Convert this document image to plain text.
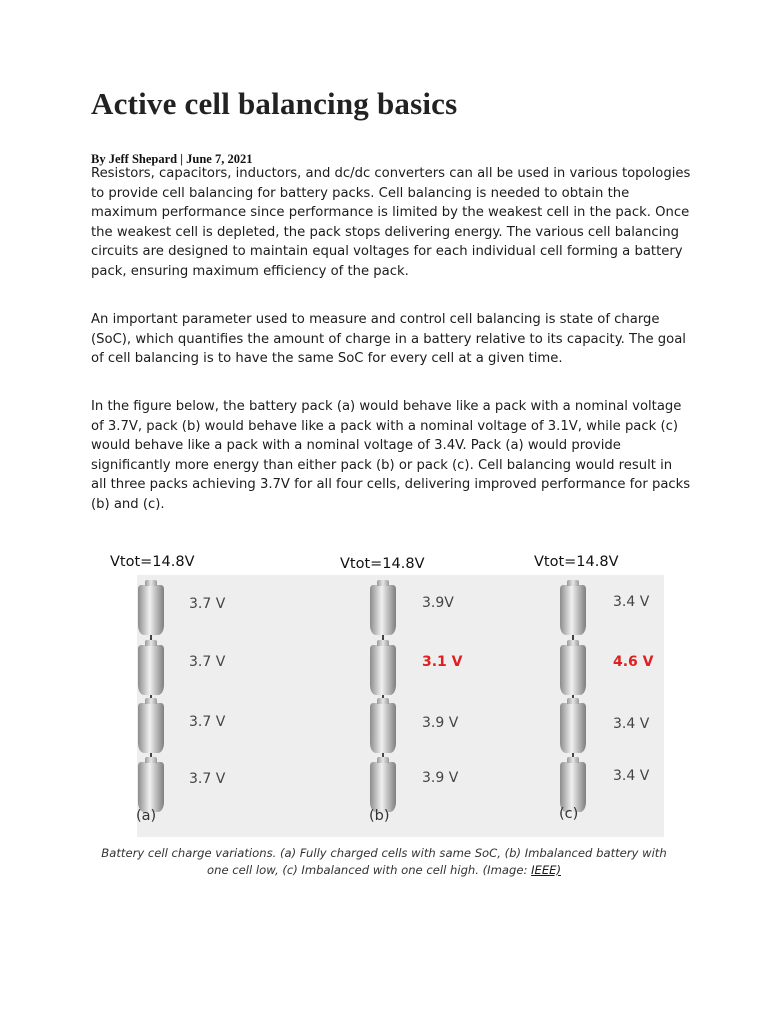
Active cell balancing basics
By Jeff Shepard | June 7, 2021

Resistors, capacitors, inductors, and dc/dc converters can all be used in various topologies to provide cell balancing for battery packs. Cell balancing is needed to obtain the maximum performance since performance is limited by the weakest cell in the pack. Once the weakest cell is depleted, the pack stops delivering energy. The various cell balancing circuits are designed to maintain equal voltages for each individual cell forming a battery pack, ensuring maximum efficiency of the pack.

An important parameter used to measure and control cell balancing is state of charge (SoC), which quantifies the amount of charge in a battery relative to its capacity. The goal of cell balancing is to have the same SoC for every cell at a given time.

In the figure below, the battery pack (a) would behave like a pack with a nominal voltage of 3.7V, pack (b) would behave like a pack with a nominal voltage of 3.1V, while pack (c) would behave like a pack with a nominal voltage of 3.4V. Pack (a) would provide significantly more energy than either pack (b) or pack (c). Cell balancing would result in all three packs achieving 3.7V for all four cells, delivering improved performance for packs (b) and (c).

Vtot=14.8V
3.7 V
3.7 V
3.7 V
3.7 V
(a)
Vtot=14.8V
3.9V
3.1 V
3.9 V
3.9 V
(b)
Vtot=14.8V
3.4 V
4.6 V
3.4 V
3.4 V
(c)

Battery cell charge variations. (a) Fully charged cells with same SoC, (b) Imbalanced battery with one cell low, (c) Imbalanced with one cell high. (Image: IEEE)
